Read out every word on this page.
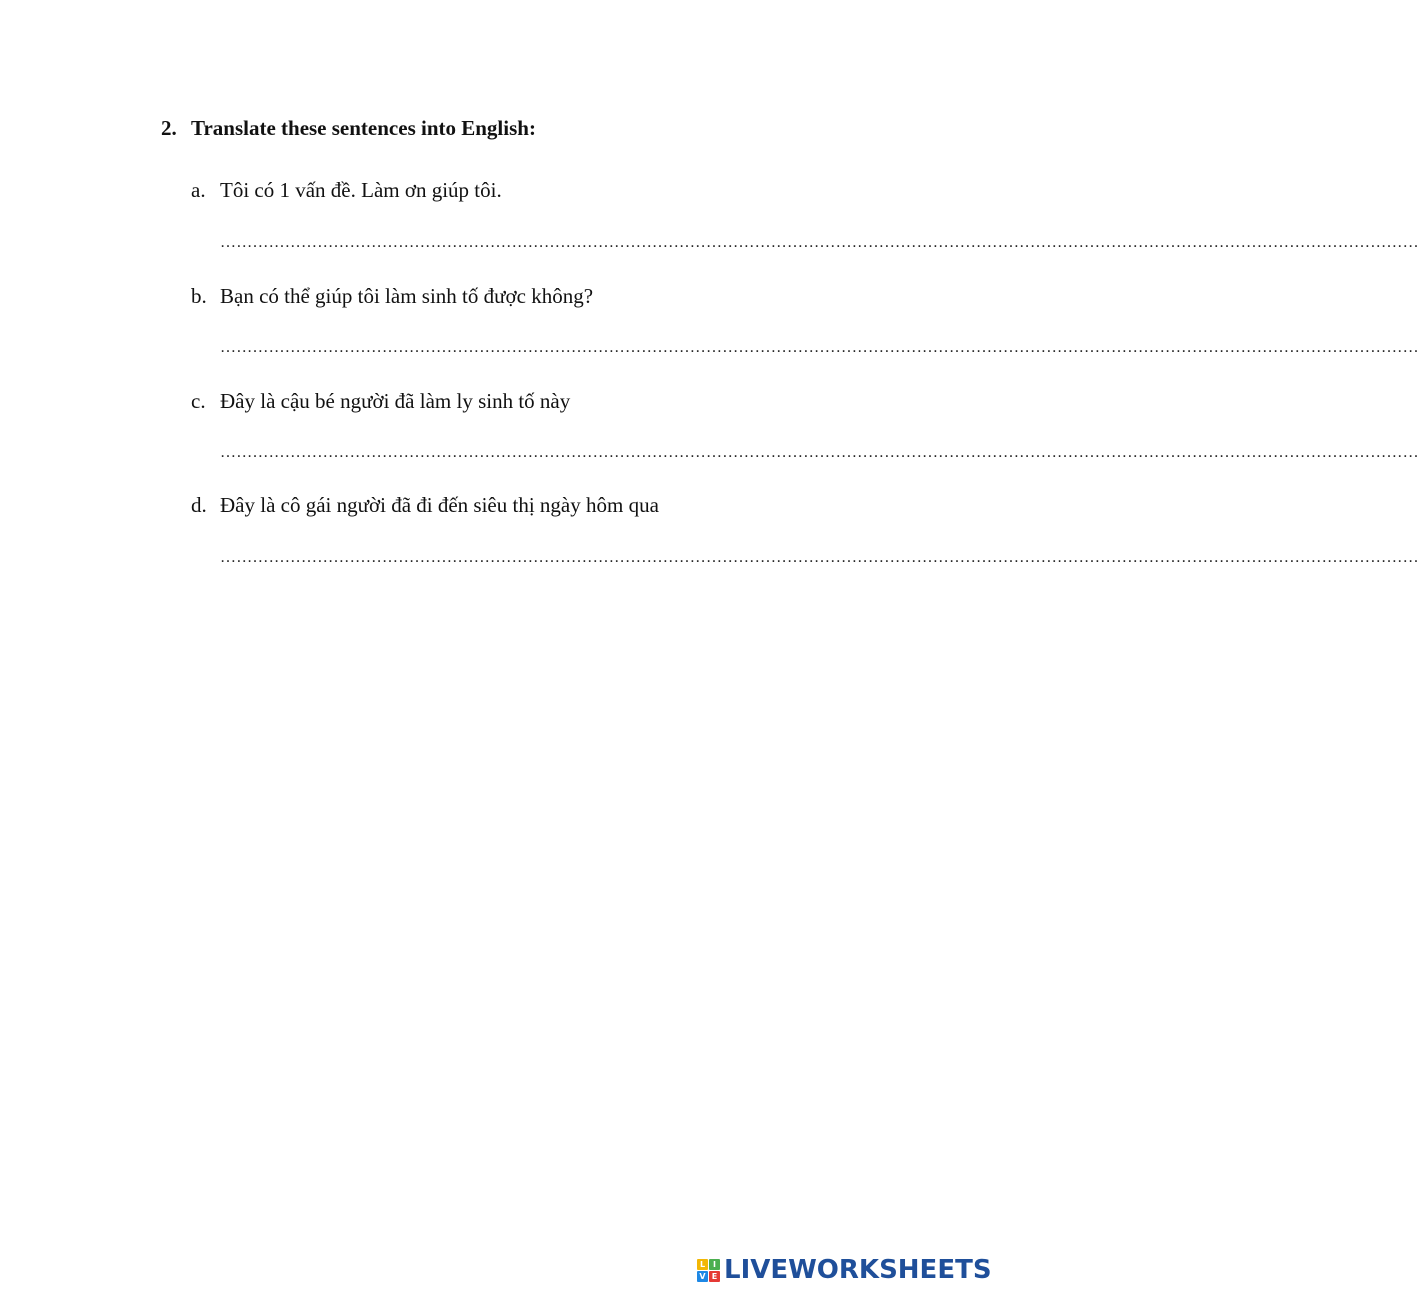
2. Translate these sentences into English:
a. Tôi có 1 vấn đề. Làm ơn giúp tôi.
……………………………………………………………………………………………………………………………………………………………………………………………………
b. Bạn có thể giúp tôi làm sinh tố được không?
……………………………………………………………………………………………………………………………………………………………………………………………………
c. Đây là cậu bé người đã làm ly sinh tố này
……………………………………………………………………………………………………………………………………………………………………………………………………
d. Đây là cô gái người đã đi đến siêu thị ngày hôm qua
……………………………………………………………………………………………………………………………………………………………………………………………………
L I
V E LIVEWORKSHEETS
